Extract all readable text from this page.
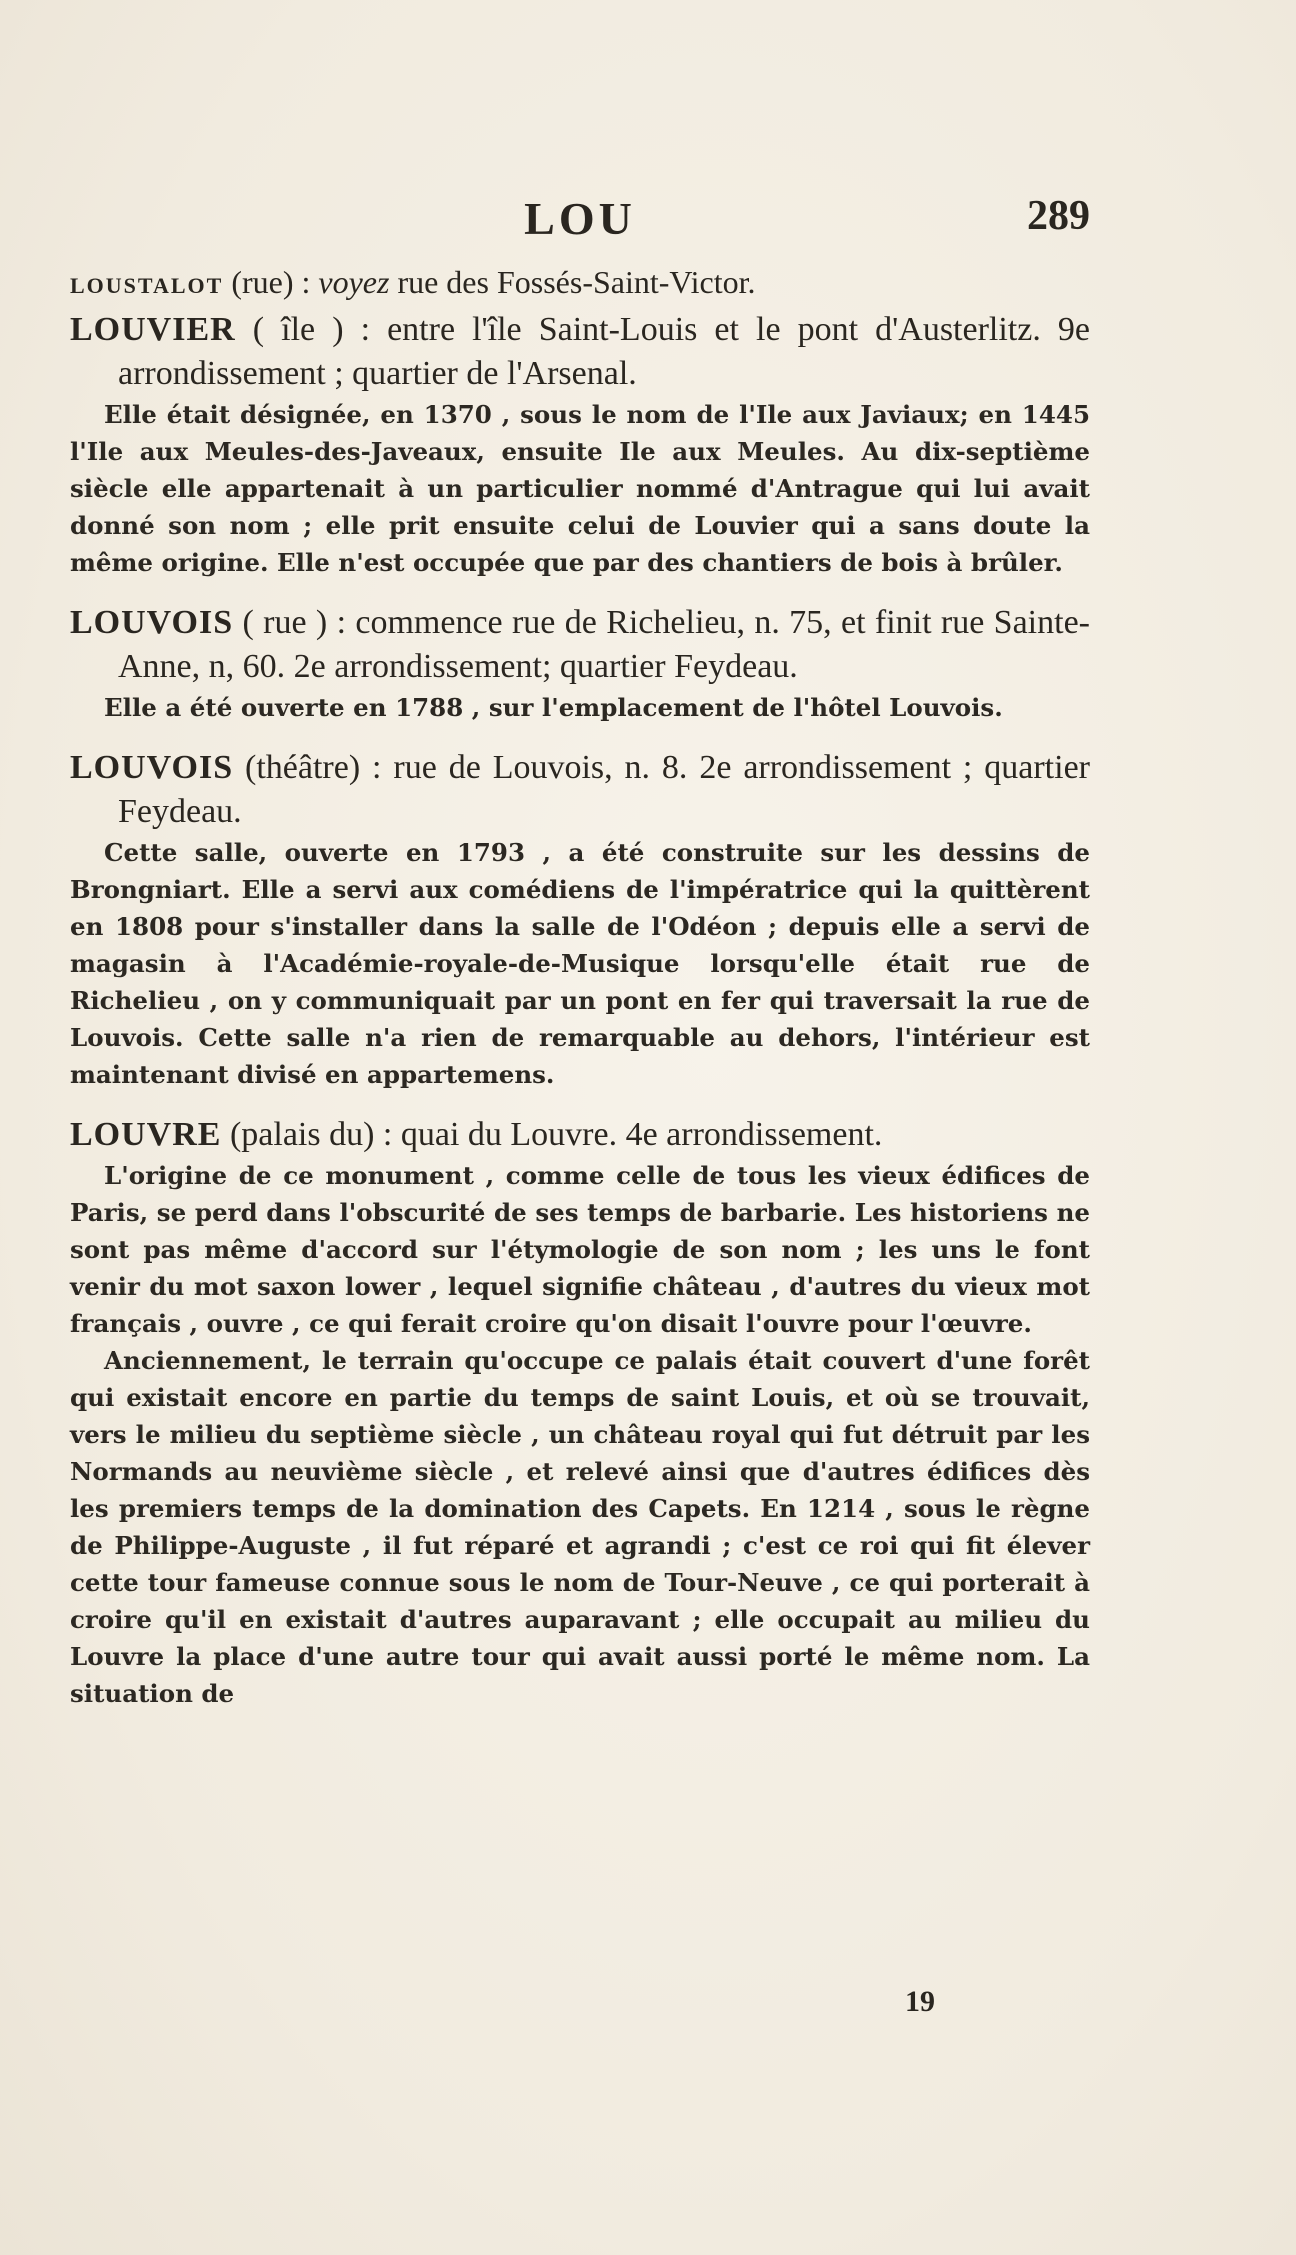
LOU	289

LOUSTALOT (rue) : voyez rue des Fossés-Saint-Victor.

LOUVIER ( île ) : entre l'île Saint-Louis et le pont d'Austerlitz. 9e arrondissement ; quartier de l'Arsenal.

Elle était désignée, en 1370 , sous le nom de l'Ile aux Javiaux; en 1445 l'Ile aux Meules-des-Javeaux, ensuite Ile aux Meules. Au dix-septième siècle elle appartenait à un particulier nommé d'Antrague qui lui avait donné son nom ; elle prit ensuite celui de Louvier qui a sans doute la même origine. Elle n'est occupée que par des chantiers de bois à brûler.

LOUVOIS ( rue ) : commence rue de Richelieu, n. 75, et finit rue Sainte-Anne, n, 60. 2e arrondissement; quartier Feydeau.

Elle a été ouverte en 1788 , sur l'emplacement de l'hôtel Louvois.

LOUVOIS (théâtre) : rue de Louvois, n. 8. 2e arrondissement ; quartier Feydeau.

Cette salle, ouverte en 1793 , a été construite sur les dessins de Brongniart. Elle a servi aux comédiens de l'impératrice qui la quittèrent en 1808 pour s'installer dans la salle de l'Odéon ; depuis elle a servi de magasin à l'Académie-royale-de-Musique lorsqu'elle était rue de Richelieu , on y communiquait par un pont en fer qui traversait la rue de Louvois. Cette salle n'a rien de remarquable au dehors, l'intérieur est maintenant divisé en appartemens.

LOUVRE (palais du) : quai du Louvre. 4e arrondissement.

L'origine de ce monument , comme celle de tous les vieux édifices de Paris, se perd dans l'obscurité de ses temps de barbarie. Les historiens ne sont pas même d'accord sur l'étymologie de son nom ; les uns le font venir du mot saxon lower , lequel signifie château , d'autres du vieux mot français , ouvre , ce qui ferait croire qu'on disait l'ouvre pour l'œuvre.

Anciennement, le terrain qu'occupe ce palais était couvert d'une forêt qui existait encore en partie du temps de saint Louis, et où se trouvait, vers le milieu du septième siècle , un château royal qui fut détruit par les Normands au neuvième siècle , et relevé ainsi que d'autres édifices dès les premiers temps de la domination des Capets. En 1214 , sous le règne de Philippe-Auguste , il fut réparé et agrandi ; c'est ce roi qui fit élever cette tour fameuse connue sous le nom de Tour-Neuve , ce qui porterait à croire qu'il en existait d'autres auparavant ; elle occupait au milieu du Louvre la place d'une autre tour qui avait aussi porté le même nom. La situation de

19
